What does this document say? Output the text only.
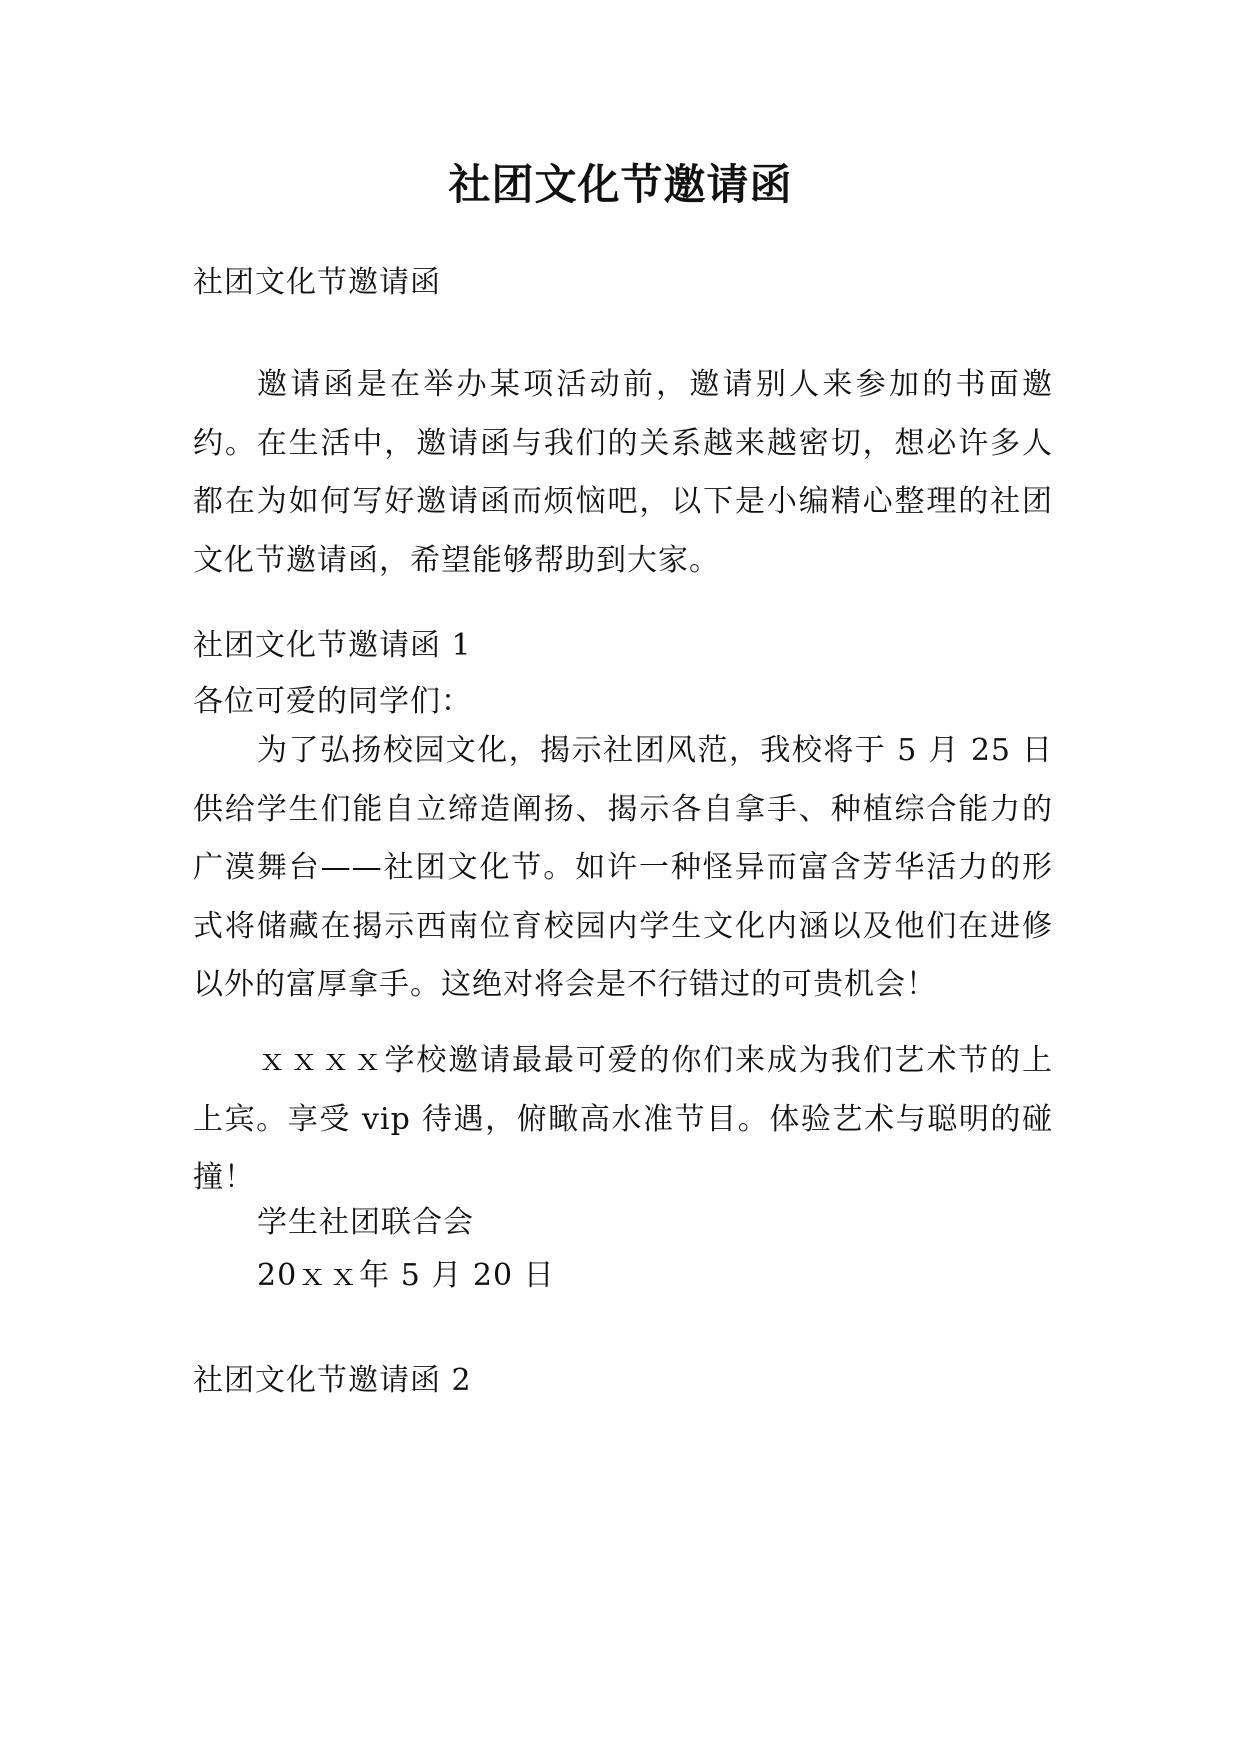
社团文化节邀请函
社团文化节邀请函
邀请函是在举办某项活动前，邀请别人来参加的书面邀约。在生活中，邀请函与我们的关系越来越密切，想必许多人都在为如何写好邀请函而烦恼吧，以下是小编精心整理的社团文化节邀请函，希望能够帮助到大家。
社团文化节邀请函 1
各位可爱的同学们：
为了弘扬校园文化，揭示社团风范，我校将于 5 月 25 日供给学生们能自立缔造阐扬、揭示各自拿手、种植综合能力的广漠舞台——社团文化节。如许一种怪异而富含芳华活力的形式将储藏在揭示西南位育校园内学生文化内涵以及他们在进修以外的富厚拿手。这绝对将会是不行错过的可贵机会！
ｘｘｘｘ学校邀请最最可爱的你们来成为我们艺术节的上上宾。享受 vip 待遇，俯瞰高水准节目。体验艺术与聪明的碰撞！
学生社团联合会
20ｘｘ年 5 月 20 日
社团文化节邀请函 2
